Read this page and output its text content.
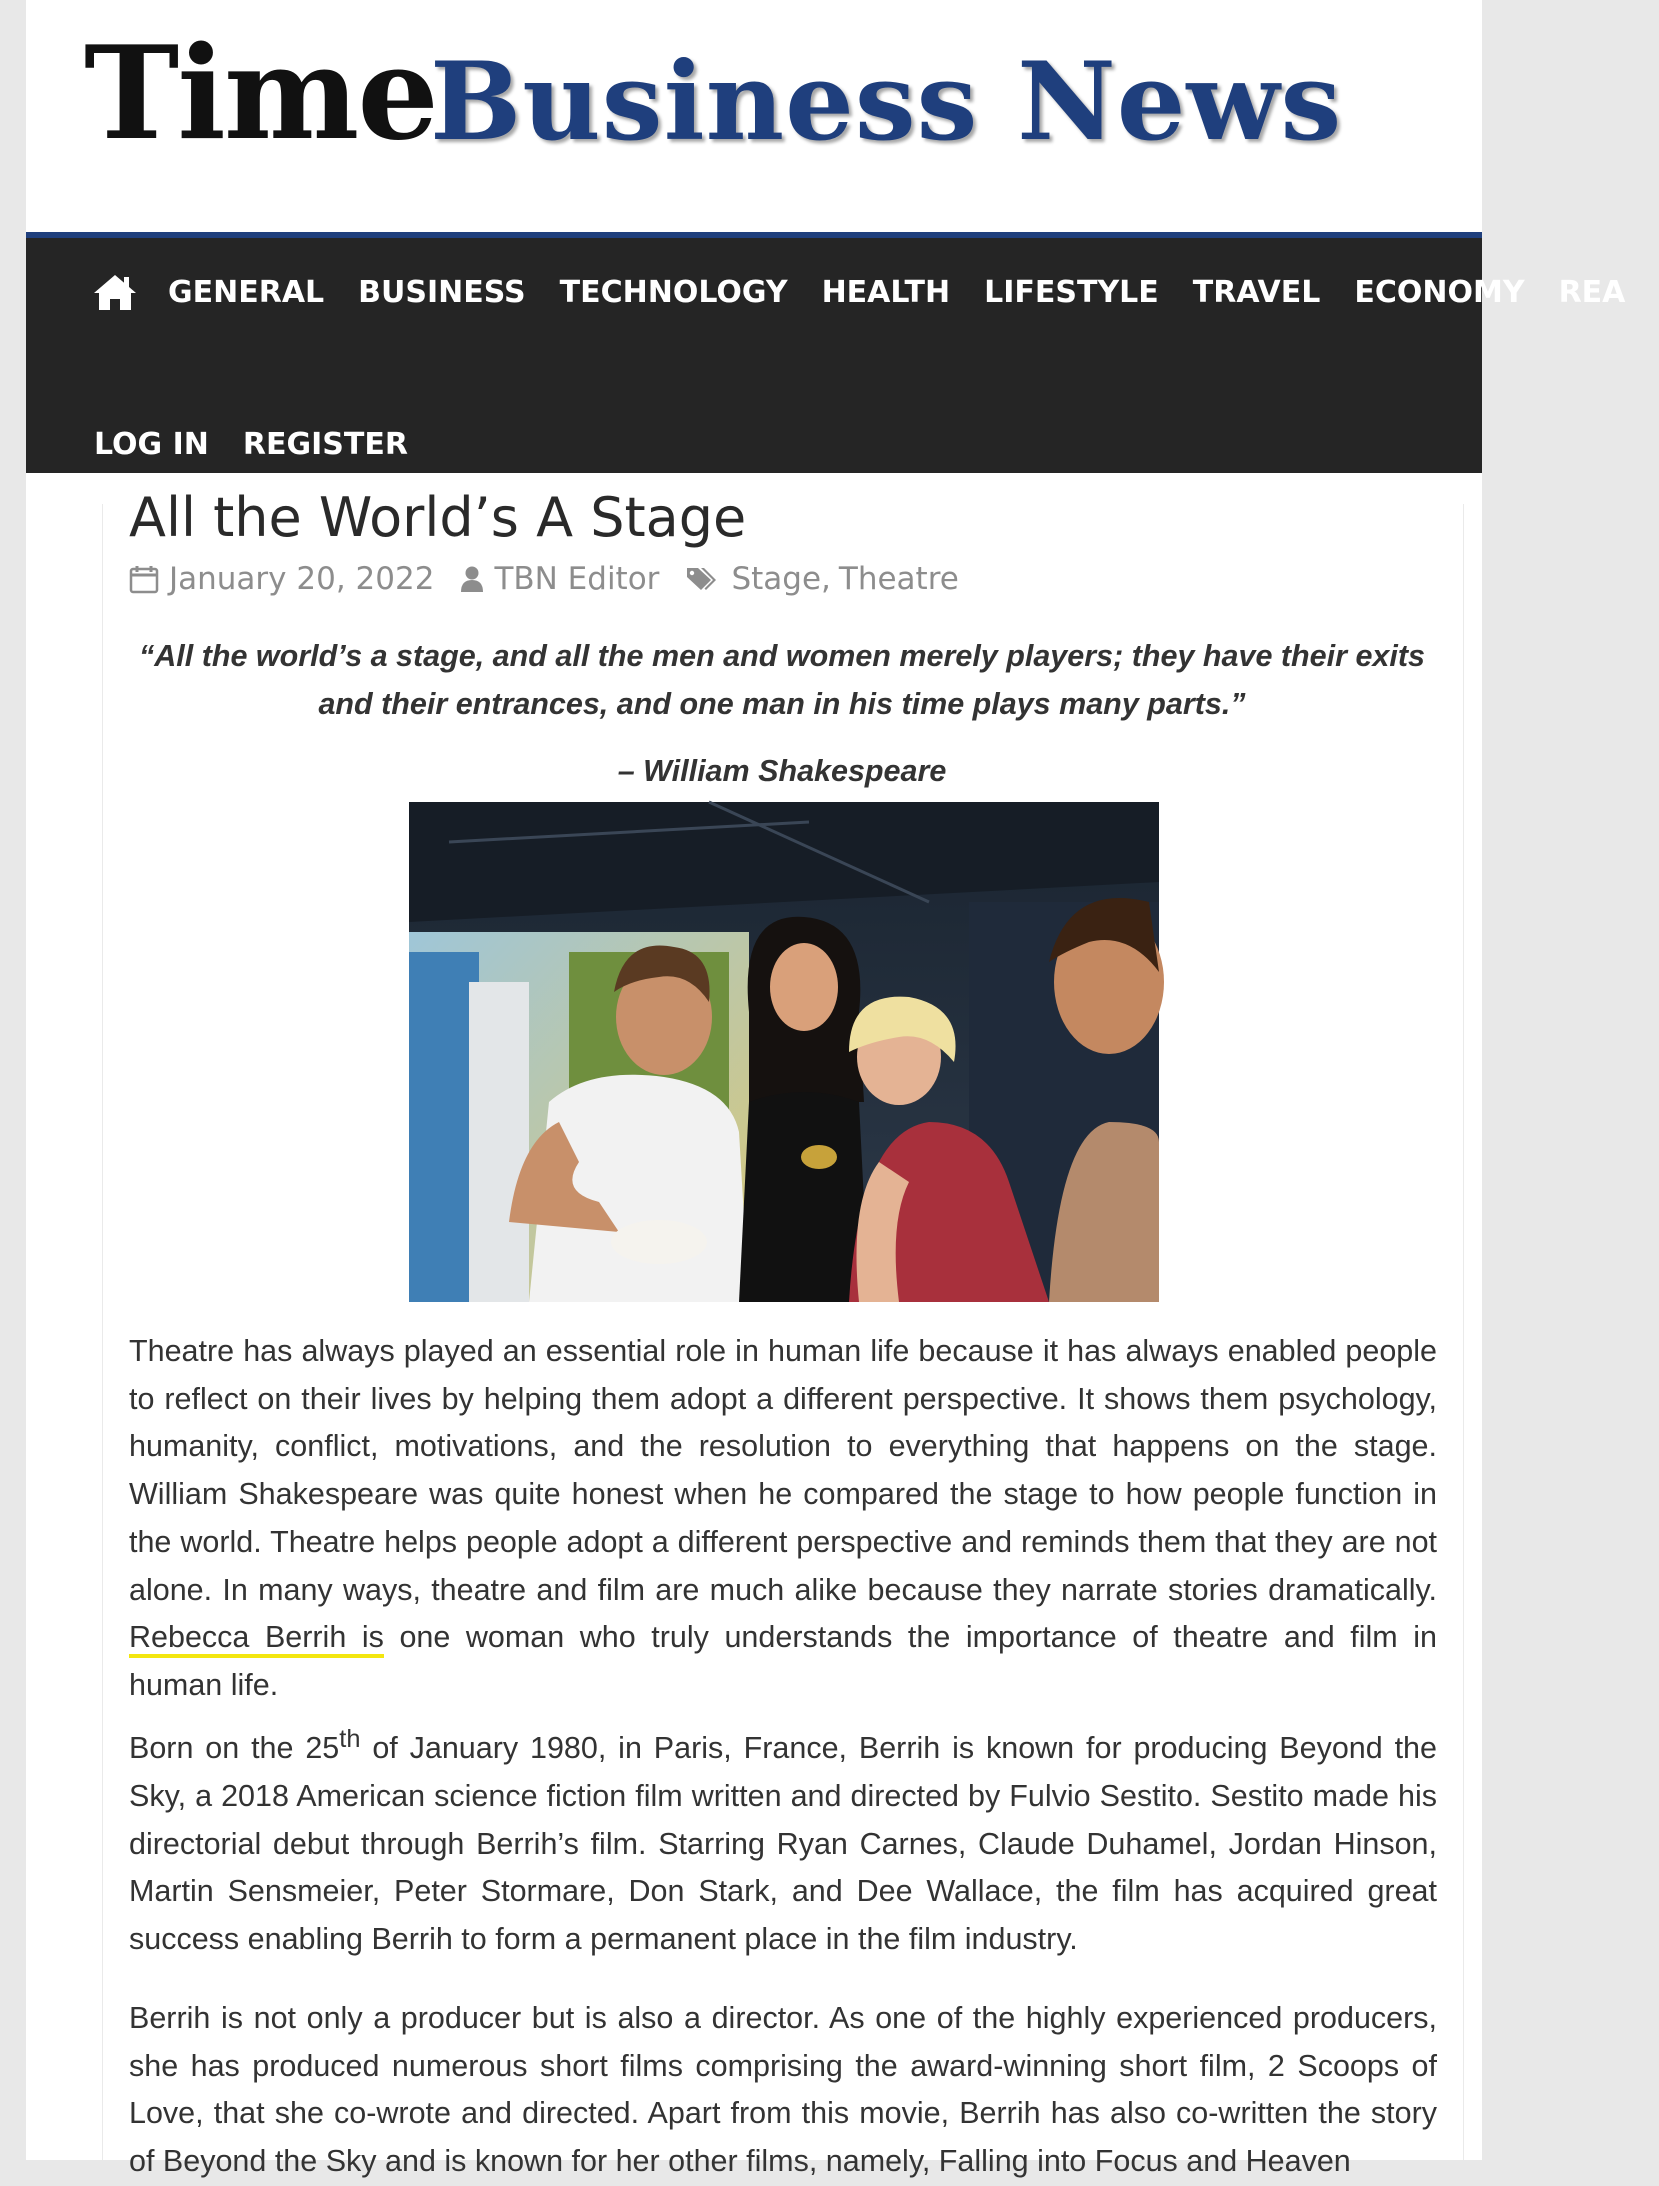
Time
Business News
GENERAL BUSINESS TECHNOLOGY HEALTH LIFESTYLE TRAVEL ECONOMY REA
LOG IN REGISTER
All the World’s A Stage
January 20, 2022 TBN Editor Stage , Theatre
“All the world’s a stage, and all the men and women merely players; they have their exits and their entrances, and one man in his time plays many parts.”
– William Shakespeare

Theatre has always played an essential role in human life because it has always enabled people to reflect on their lives by helping them adopt a different perspective. It shows them psychology, humanity, conflict, motivations, and the resolution to everything that happens on the stage. William Shakespeare was quite honest when he compared the stage to how people function in the world. Theatre helps people adopt a different perspective and reminds them that they are not alone. In many ways, theatre and film are much alike because they narrate stories dramatically. Rebecca Berrih is one woman who truly understands the importance of theatre and film in human life.

Born on the 25th of January 1980, in Paris, France, Berrih is known for producing Beyond the Sky, a 2018 American science fiction film written and directed by Fulvio Sestito. Sestito made his directorial debut through Berrih’s film. Starring Ryan Carnes, Claude Duhamel, Jordan Hinson, Martin Sensmeier, Peter Stormare, Don Stark, and Dee Wallace, the film has acquired great success enabling Berrih to form a permanent place in the film industry.

Berrih is not only a producer but is also a director. As one of the highly experienced producers, she has produced numerous short films comprising the award-winning short film, 2 Scoops of Love, that she co-wrote and directed. Apart from this movie, Berrih has also co-written the story of Beyond the Sky and is known for her other films, namely, Falling into Focus and Heaven
